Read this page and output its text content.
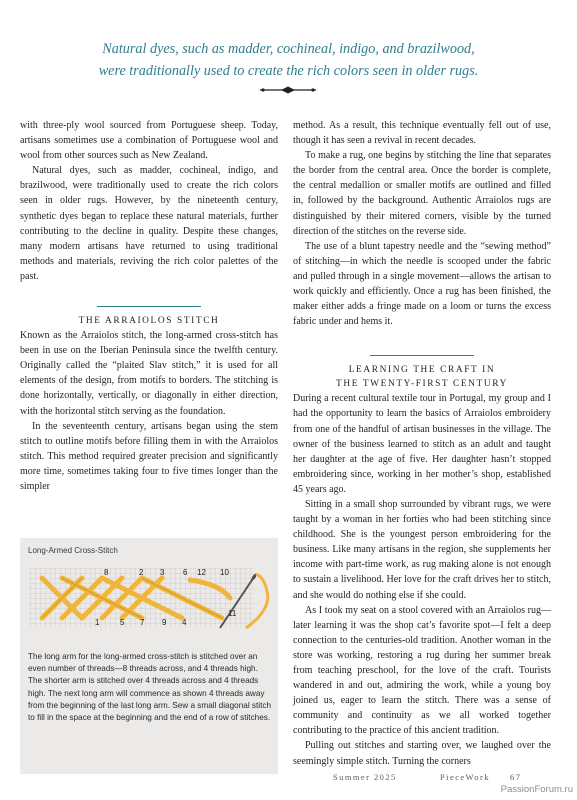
Natural dyes, such as madder, cochineal, indigo, and brazilwood,
were traditionally used to create the rich colors seen in older rugs.

with three-ply wool sourced from Portuguese sheep. Today, artisans sometimes use a combination of Portuguese wool and wool from other sources such as New Zealand.

Natural dyes, such as madder, cochineal, indigo, and brazilwood, were traditionally used to create the rich colors seen in older rugs. However, by the nineteenth century, synthetic dyes began to replace these natural materials, further contributing to the decline in quality. Despite these changes, many modern artisans have returned to using traditional methods and materials, reviving the rich color palettes of the past.

THE ARRAIOLOS STITCH

Known as the Arraiolos stitch, the long-armed cross-stitch has been in use on the Iberian Peninsula since the twelfth century. Originally called the “plaited Slav stitch,” it is used for all elements of the design, from motifs to borders. The stitching is done horizontally, vertically, or diagonally in either direction, with the horizontal stitch serving as the foundation.

In the seventeenth century, artisans began using the stem stitch to outline motifs before filling them in with the Arraiolos stitch. This method required greater precision and significantly more time, sometimes taking four to five times longer than the simpler

Long-Armed Cross-Stitch
8	2 3 6 12 10
1	5 7 9 4
11
The long arm for the long-armed cross-stitch is stitched over an even number of threads—8 threads across, and 4 threads high. The shorter arm is stitched over 4 threads across and 4 threads high. The next long arm will commence as shown 4 threads away from the beginning of the last long arm. Sew a small diagonal stitch to fill in the space at the beginning and the end of a row of stitches.

method. As a result, this technique eventually fell out of use, though it has seen a revival in recent decades.

To make a rug, one begins by stitching the line that separates the border from the central area. Once the border is complete, the central medallion or smaller motifs are outlined and filled in, followed by the background. Authentic Arraiolos rugs are distinguished by their mitered corners, visible by the turned direction of the stitches on the reverse side.

The use of a blunt tapestry needle and the “sewing method” of stitching—in which the needle is scooped under the fabric and pulled through in a single movement—allows the artisan to work quickly and efficiently. Once a rug has been finished, the maker either adds a fringe made on a loom or turns the excess fabric under and hems it.

LEARNING THE CRAFT IN
THE TWENTY-FIRST CENTURY

During a recent cultural textile tour in Portugal, my group and I had the opportunity to learn the basics of Arraiolos embroidery from one of the handful of artisan businesses in the village. The owner of the business learned to stitch as an adult and taught her daughter at the age of five. Her daughter hasn’t stopped embroidering since, working in her mother’s shop, established 45 years ago.

Sitting in a small shop surrounded by vibrant rugs, we were taught by a woman in her forties who had been stitching since childhood. She is the youngest person embroidering for the business. Like many artisans in the region, she supplements her income with part-time work, as rug making alone is not enough to sustain a livelihood. Her love for the craft drives her to stitch, and she would do nothing else if she could.

As I took my seat on a stool covered with an Arraiolos rug—later learning it was the shop cat’s favorite spot—I felt a deep connection to the centuries-old tradition. Another woman in the store was working, restoring a rug during her summer break from teaching preschool, for the love of the craft. Tourists wandered in and out, admiring the work, while a young boy joined us, eager to learn the stitch. There was a sense of community and continuity as we all worked together contributing to the practice of this ancient tradition.

Pulling out stitches and starting over, we laughed over the seemingly simple stitch. Turning the corners

Summer 2025	PieceWork 67
PassionForum.ru
